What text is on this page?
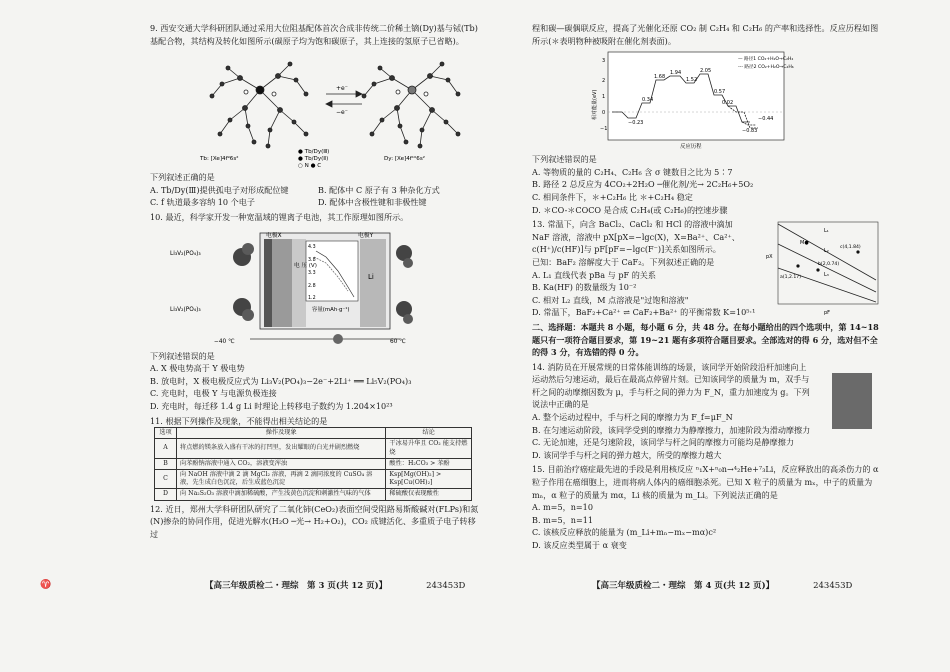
9. 西安交通大学科研团队通过采用大位阻基配体首次合成非传统二价稀土镝(Dy)基与铽(Tb)基配合物，其结构及转化如图所示(碳原子均为饱和碳原子，其上连接的氢原子已省略)。

+e⁻
−e⁻
● Tb/Dy(Ⅲ)
● Tb/Dy(Ⅱ)
○ N ● C
Tb: [Xe]4f⁹6s²	Dy: [Xe]4f¹⁰6s²

下列叙述正确的是

A. Tb/Dy(Ⅲ)提供孤电子对形成配位键	B. 配体中 C 原子有 3 种杂化方式
C. f 轨道最多容纳 10 个电子	D. 配体中含极性键和非极性键

10. 最近，科学家开发一种宽温域的锂离子电池，其工作原理如图所示。

电极X	电极Y
Li₃V₂(PO₄)₃
Li₃V₂(PO₄)₃
电 压 (V)
Li
4.3
3.8
3.3
2.8
1.2
容量(mAh·g⁻¹)
−40 ℃	60 ℃

下列叙述错误的是

A. X 极电势高于 Y 极电势
B. 放电时，X 极电极反应式为 Li₃V₂(PO₄)₃−2e⁻+2Li⁺ ══ Li₅V₂(PO₄)₃
C. 充电时，电极 Y 与电源负极连接
D. 充电时，每迁移 1.4 g Li 时理论上转移电子数约为 1.204×10²³

11. 根据下列操作及现象，不能得出相关结论的是

选项	操作及现象	结论
A	将点燃的镁条放入盛有干冰的打凹里，发出耀眼的白光并剧烈燃烧	干冰易升华且 CO₂ 能支持燃烧
B	向苯酚钠溶液中通入 CO₂，溶液变浑浊	酸性：H₂CO₃ > 苯酚
C	向 NaOH 溶液中滴 2 滴 MgCl₂ 溶液，再滴 2 滴同浓度的 CuSO₄ 溶液，先生成白色沉淀，后生成蓝色沉淀	Ksp[Mg(OH)₂] > Ksp[Cu(OH)₂]
D	向 Na₂S₂O₃ 溶液中滴加稀硫酸，产生浅黄色沉淀和刺激性气味的气体	稀硫酸仅表现酸性

12. 近日，郑州大学科研团队研究了二氧化铈(CeO₂)表面空间受阻路易斯酸碱对(FLPs)和氮(N)掺杂的协同作用，促进光解水(H₂O ─光→ H₂+O₂)，CO₂ 成键活化、多重质子电子转移过

【高三年级质检二・理综　第 3 页(共 12 页)】	243453D

程和碳—碳偶联反应，提高了光催化还原 CO₂ 制 C₂H₄ 和 C₂H₆ 的产率和选择性。反应历程如图所示(＊表明物种被吸附在催化剂表面)。

−0.23
0.34
1.68
1.94
1.52
2.05
0.57
0.02
−0.44
−0.83
3
2
1
0
−1
— 路径1 CO₂+H₂O→C₂H₄
--- 路径2 CO₂+H₂O→C₂H₆
相对能量(eV)
反应历程

下列叙述错误的是

A. 等物质的量的 C₂H₄、C₂H₆ 含 σ 键数目之比为 5∶7
B. 路径 2 总反应为 4CO₂+2H₂O ─催化剂/光→ 2C₂H₆+5O₂
C. 相同条件下，＊+C₂H₆ 比 ＊+C₂H₄ 稳定
D. ＊CO-＊COCO 是合成 C₂H₄(或 C₂H₆)的控速步骤

13. 常温下，向含 BaCl₂、CaCl₂ 和 HCl 的溶液中滴加 NaF 溶液，溶液中 pX[pX=−lgc(X)，X=Ba²⁺、Ca²⁺、c(H⁺)/c(HF)]与 pF[pF=−lgc(F⁻)]关系如图所示。

已知：BaF₂ 溶解度大于 CaF₂。下列叙述正确的是

A. L₁ 直线代表 pBa 与 pF 的关系
B. Ka(HF) 的数量级为 10⁻²
C. 相对 L₂ 直线，M 点溶液是"过饱和溶液"
D. 常温下，BaF₂+Ca²⁺ ⇌ CaF₂+Ba²⁺ 的平衡常数 K=10⁵·¹
L₁
L₂
L₃
M●
a(1,2.17)
b(2,0.74)
c(4,1.84)
pX
pF

二、选择题：本题共 8 小题，每小题 6 分，共 48 分。在每小题给出的四个选项中，第 14~18 题只有一项符合题目要求，第 19~21 题有多项符合题目要求。全部选对的得 6 分，选对但不全的得 3 分，有选错的得 0 分。

14. 消防员在开展常规的日常体能训练的场景，该同学开始阶段沿杆加速向上运动然后匀速运动，最后在最高点停留片刻。已知该同学的质量为 m，双手与杆之间的动摩擦因数为 μ，手与杆之间的弹力为 F_N，重力加速度为 g。下列说法中正确的是

A. 整个运动过程中，手与杆之间的摩擦力为 F_f=μF_N
B. 在匀速运动阶段，该同学受到的摩擦力为静摩擦力，加速阶段为滑动摩擦力
C. 无论加速，还是匀速阶段，该同学与杆之间的摩擦力可能均是静摩擦力
D. 该同学手与杆之间的弹力越大，所受的摩擦力越大

15. 目前治疗癌症最先进的手段是利用核反应 ⁿ₁X+ⁿ₀n→⁴₂He+⁷₃Li，反应释放出的高杀伤力的 α 粒子作用在癌细胞上，进而将病人体内的癌细胞杀死。已知 X 粒子的质量为 mₓ，中子的质量为 mₙ，α 粒子的质量为 mα，Li 核的质量为 m_Li。下列说法正确的是

A. m=5，n=10
B. m=5，n=11
C. 该核反应释放的能量为 (m_Li+mₙ−mₓ−mα)c²
D. 该反应类型属于 α 衰变
【高三年级质检二・理综　第 4 页(共 12 页)】	243453D
♈
